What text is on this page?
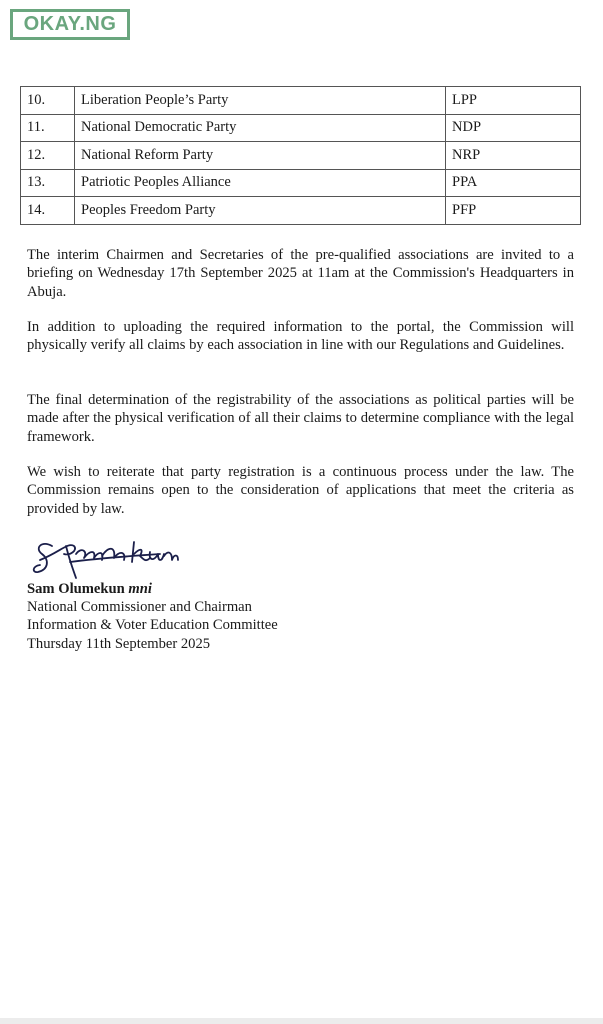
OKAY.NG
10.	Liberation People’s Party	LPP
11.	National Democratic Party	NDP
12.	National Reform Party	NRP
13.	Patriotic Peoples Alliance	PPA
14.	Peoples Freedom Party	PFP

The interim Chairmen and Secretaries of the pre-qualified associations are invited to a briefing on Wednesday 17th September 2025 at 11am at the Commission's Headquarters in Abuja.

In addition to uploading the required information to the portal, the Commission will physically verify all claims by each association in line with our Regulations and Guidelines.

The final determination of the registrability of the associations as political parties will be made after the physical verification of all their claims to determine compliance with the legal framework.

We wish to reiterate that party registration is a continuous process under the law. The Commission remains open to the consideration of applications that meet the criteria as provided by law.

Sam Olumekun mni
National Commissioner and Chairman
Information & Voter Education Committee
Thursday 11th September 2025
